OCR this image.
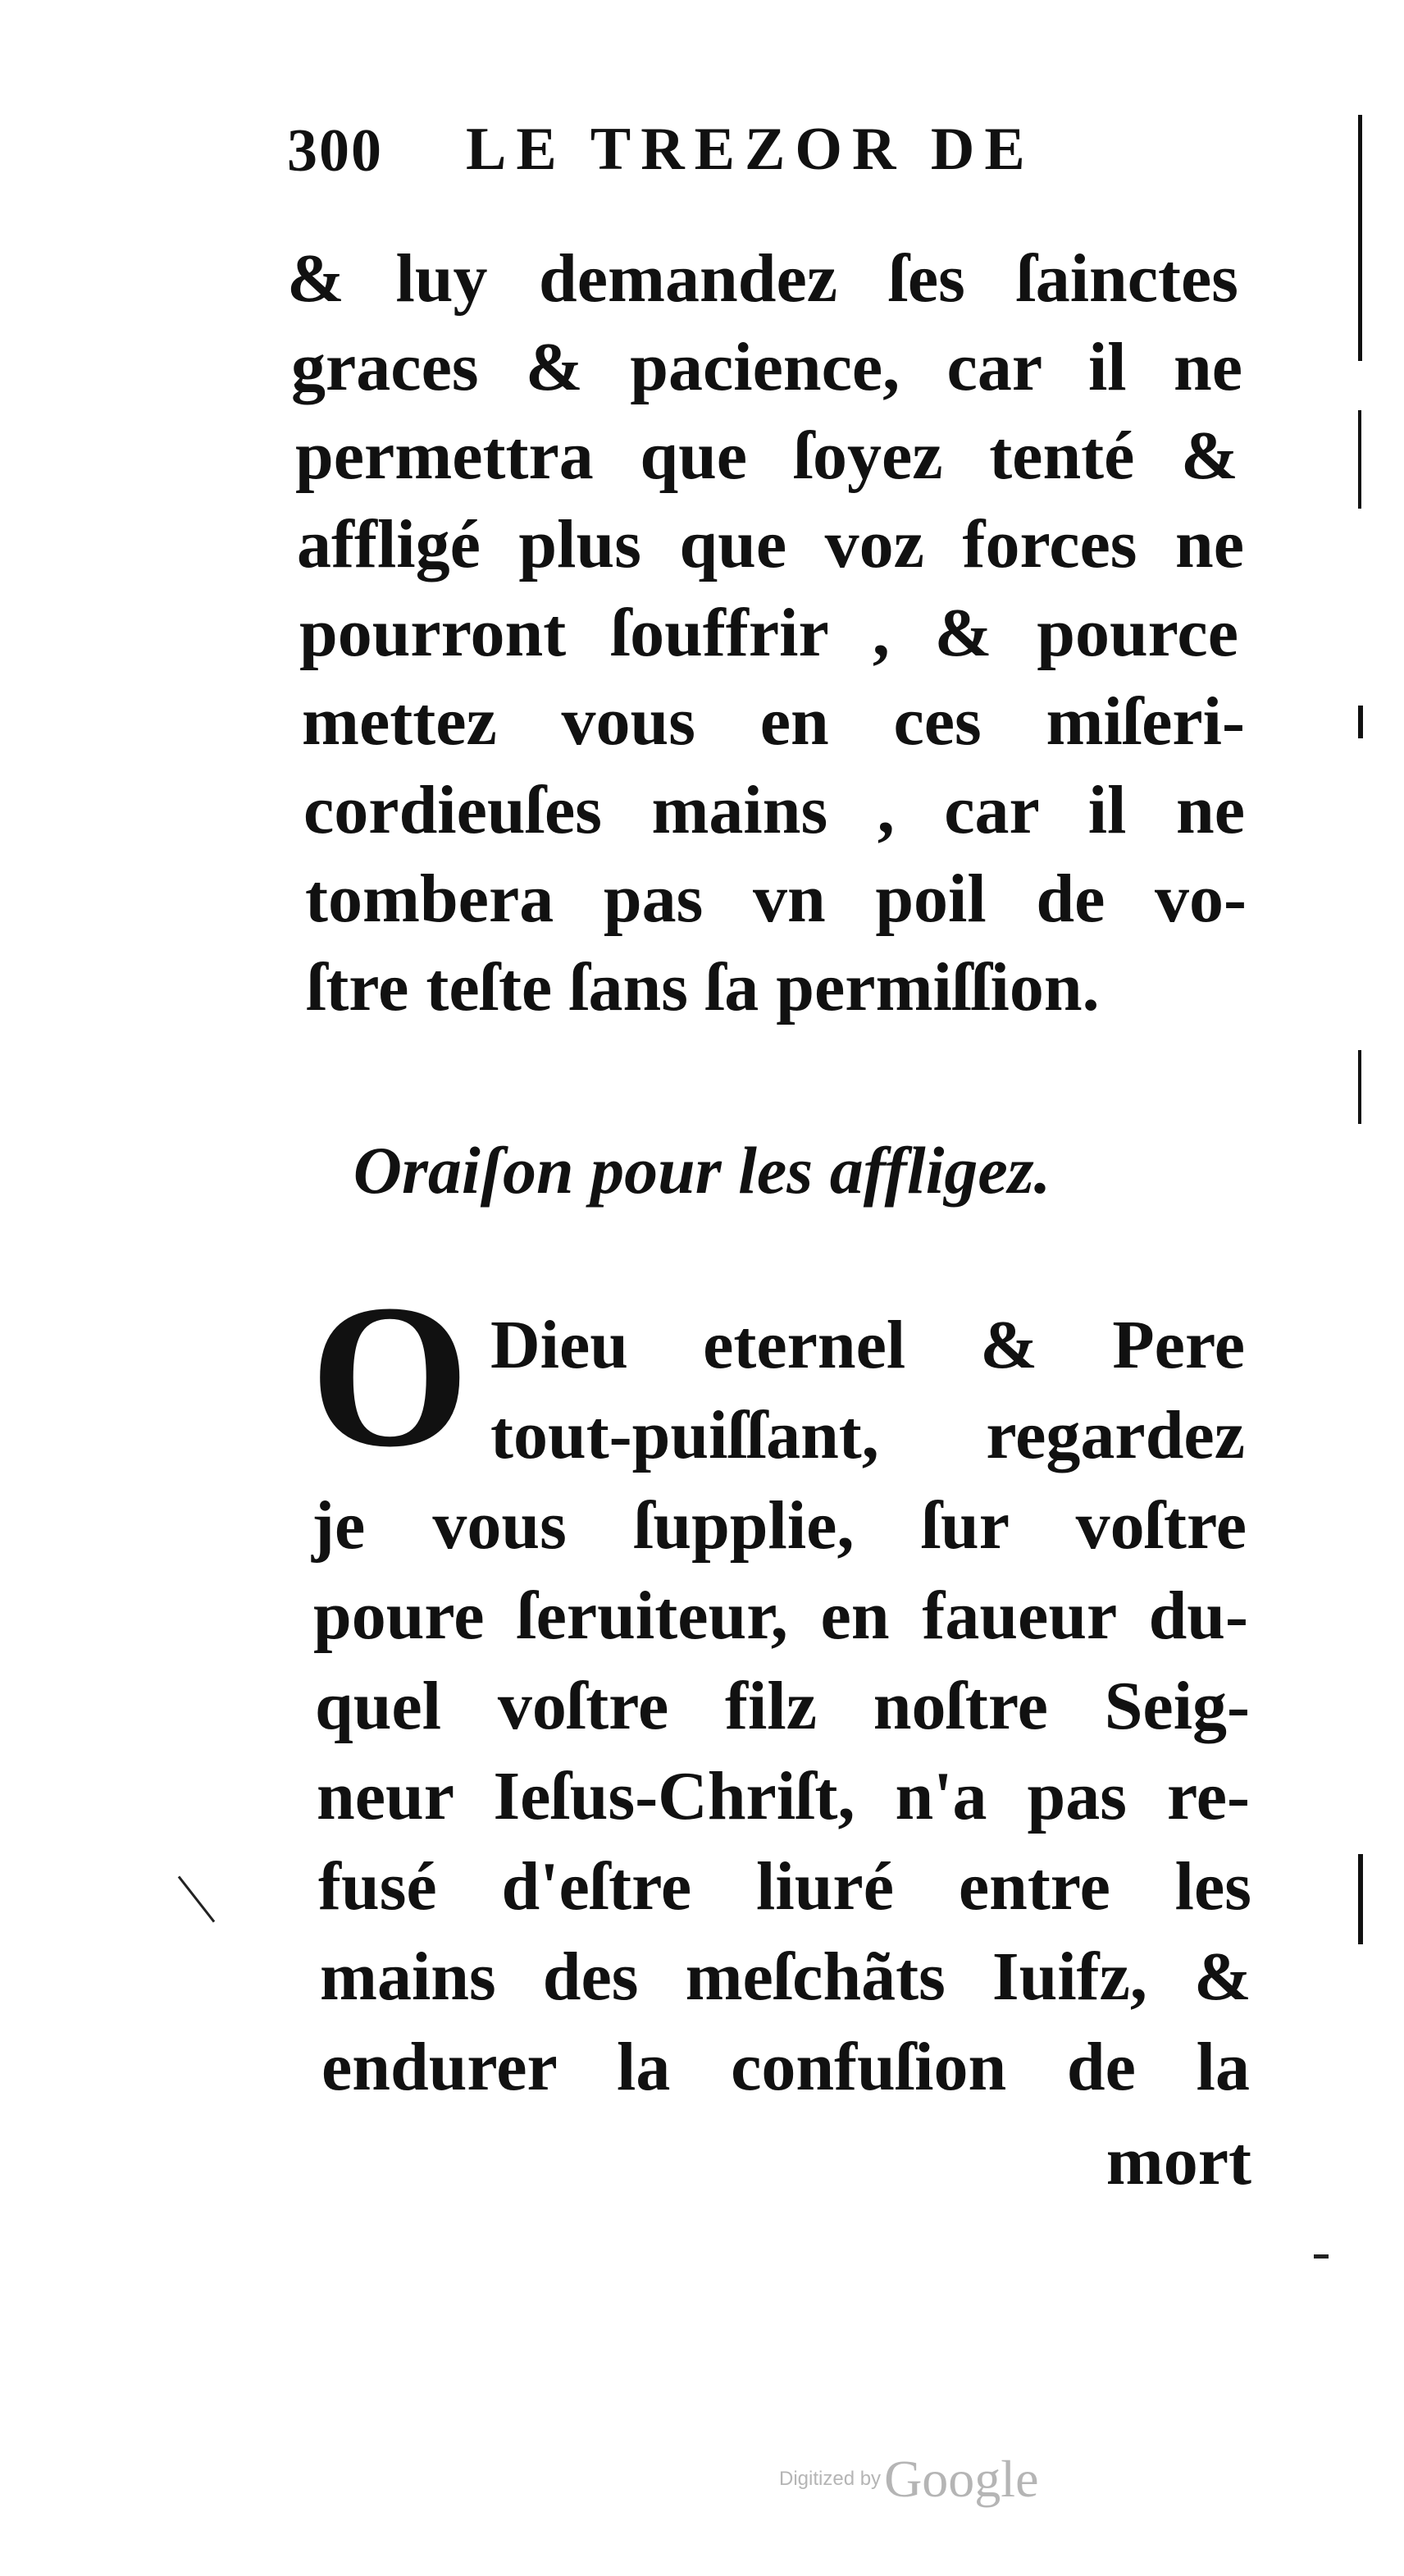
300 LE TREZOR DE
& luy demandez ſes ſainctes
graces & pacience, car il ne
permettra que ſoyez tenté &
affligé plus que voz forces ne
pourront ſouffrir , & pource
mettez vous en ces miſeri-
cordieuſes mains , car il ne
tombera pas vn poil de vo-
ſtre teſte ſans ſa permiſſion.
Oraiſon pour les affligez.
O Dieu eternel & Pere
tout-puiſſant, regardez
je vous ſupplie, ſur voſtre
poure ſeruiteur, en faueur du-
quel voſtre filz noſtre Seig-
neur Ieſus-Chriſt, n'a pas re-
fusé d'eſtre liuré entre les
mains des meſchãts Iuifz, &
endurer la confuſion de la
mort
Digitized by Google
